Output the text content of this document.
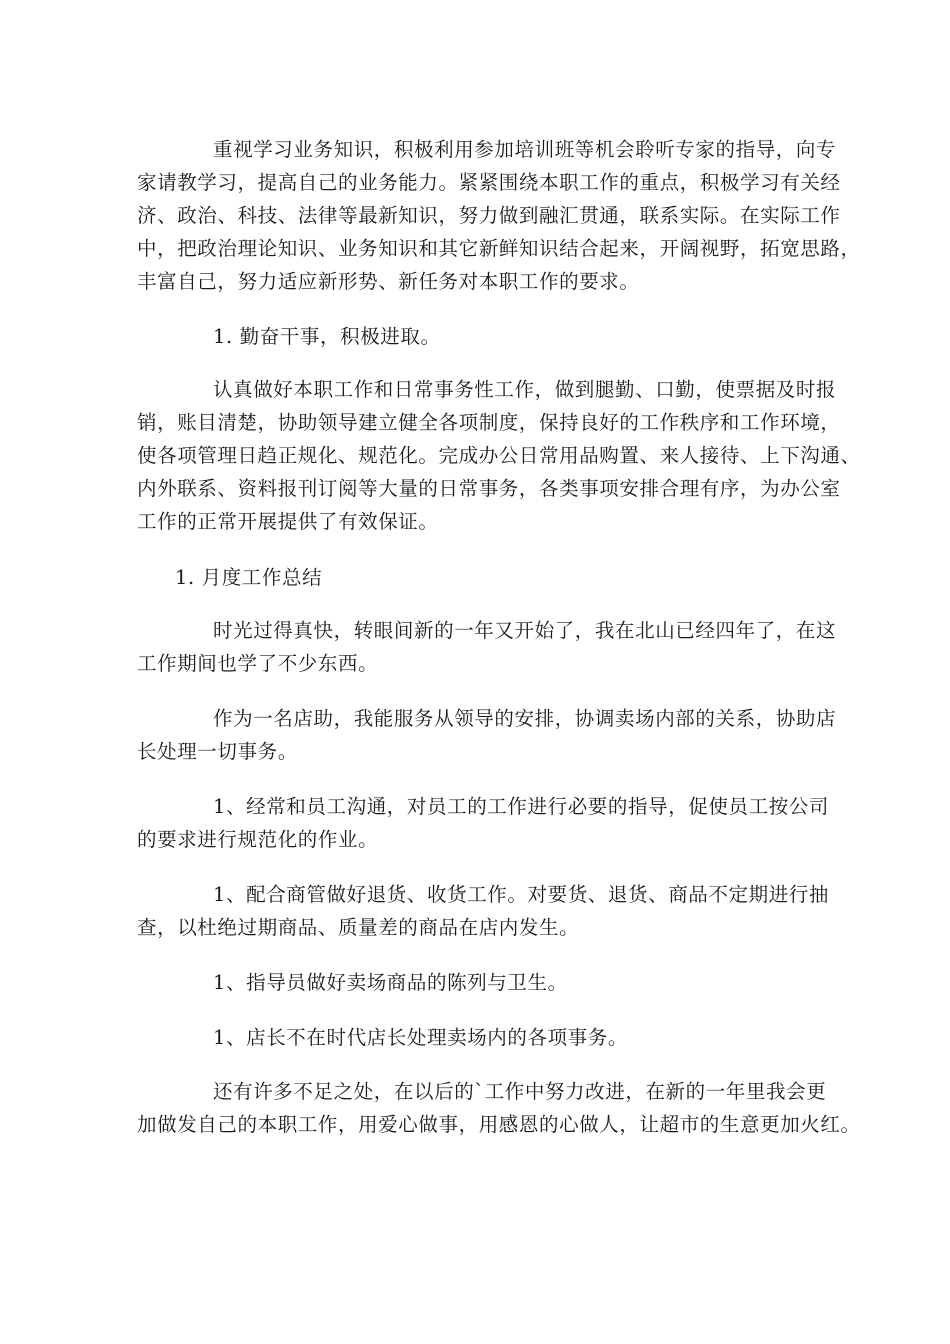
重视学习业务知识，积极利用参加培训班等机会聆听专家的指导，向专
家请教学习，提高自己的业务能力。紧紧围绕本职工作的重点，积极学习有关经
济、政治、科技、法律等最新知识，努力做到融汇贯通，联系实际。在实际工作
中，把政治理论知识、业务知识和其它新鲜知识结合起来，开阔视野，拓宽思路，
丰富自己，努力适应新形势、新任务对本职工作的要求。
1. 勤奋干事，积极进取。
认真做好本职工作和日常事务性工作，做到腿勤、口勤，使票据及时报
销，账目清楚，协助领导建立健全各项制度，保持良好的工作秩序和工作环境，
使各项管理日趋正规化、规范化。完成办公日常用品购置、来人接待、上下沟通、
内外联系、资料报刊订阅等大量的日常事务，各类事项安排合理有序，为办公室
工作的正常开展提供了有效保证。
1. 月度工作总结
时光过得真快，转眼间新的一年又开始了，我在北山已经四年了，在这
工作期间也学了不少东西。
作为一名店助，我能服务从领导的安排，协调卖场内部的关系，协助店
长处理一切事务。
1、经常和员工沟通，对员工的工作进行必要的指导，促使员工按公司
的要求进行规范化的作业。
1、配合商管做好退货、收货工作。对要货、退货、商品不定期进行抽
查，以杜绝过期商品、质量差的商品在店内发生。
1、指导员做好卖场商品的陈列与卫生。
1、店长不在时代店长处理卖场内的各项事务。
还有许多不足之处，在以后的`工作中努力改进，在新的一年里我会更
加做发自己的本职工作，用爱心做事，用感恩的心做人，让超市的生意更加火红。
